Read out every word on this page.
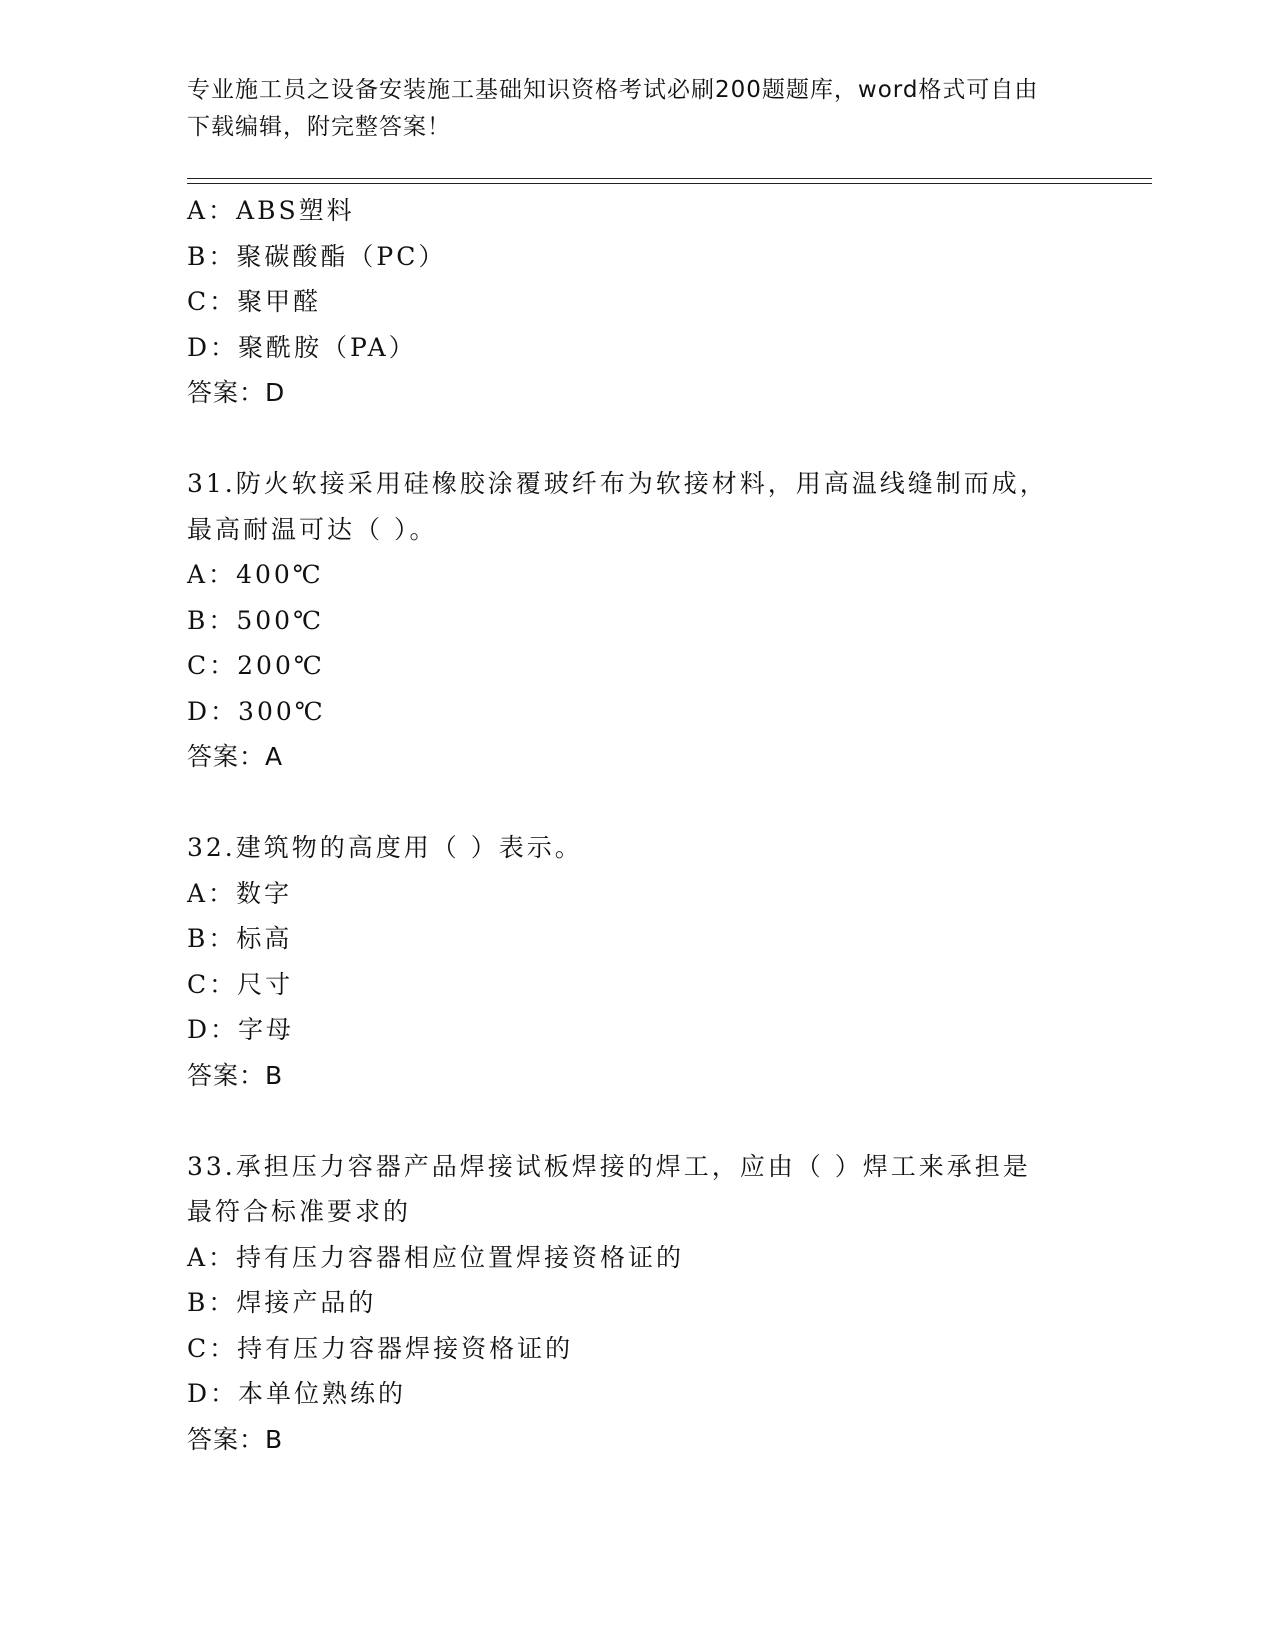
专业施工员之设备安装施工基础知识资格考试必刷200题题库，word格式可自由

下载编辑，附完整答案！

A：ABS塑料
B：聚碳酸酯（PC）
C：聚甲醛
D：聚酰胺（PA）
答案：D
31.防火软接采用硅橡胶涂覆玻纤布为软接材料，用高温线缝制而成，
最高耐温可达（ ）。
A：400℃
B：500℃
C：200℃
D：300℃
答案：A
32.建筑物的高度用（ ）表示。
A：数字
B：标高
C：尺寸
D：字母
答案：B
33.承担压力容器产品焊接试板焊接的焊工，应由（ ）焊工来承担是
最符合标准要求的
A：持有压力容器相应位置焊接资格证的
B：焊接产品的
C：持有压力容器焊接资格证的
D：本单位熟练的
答案：B
